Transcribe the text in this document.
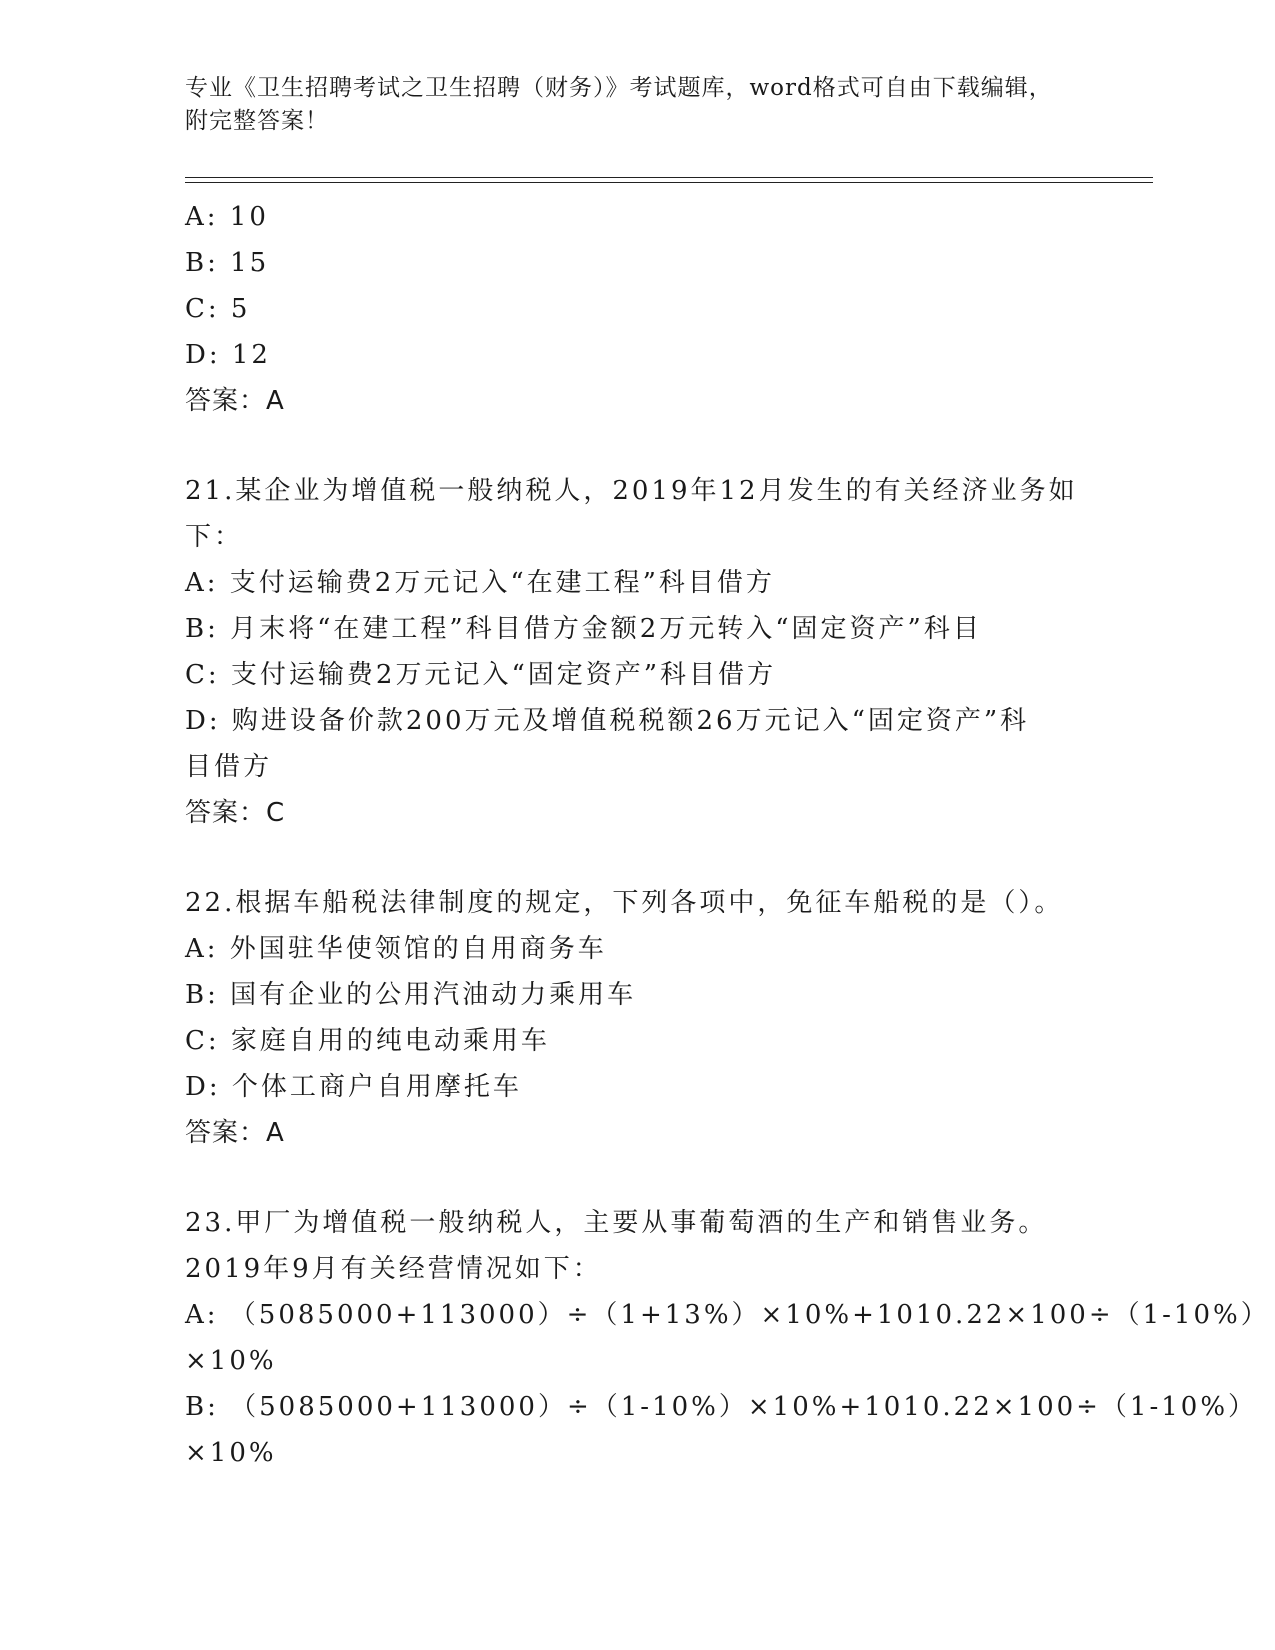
专业《卫生招聘考试之卫生招聘（财务）》考试题库，word格式可自由下载编辑，附完整答案！
A: 10
B: 15
C: 5
D: 12
答案：A
21.某企业为增值税一般纳税人，2019年12月发生的有关经济业务如
下：
A: 支付运输费2万元记入“在建工程”科目借方
B: 月末将“在建工程”科目借方金额2万元转入“固定资产”科目
C: 支付运输费2万元记入“固定资产”科目借方
D: 购进设备价款200万元及增值税税额26万元记入“固定资产”科
目借方
答案：C
22.根据车船税法律制度的规定，下列各项中，免征车船税的是（）。
A: 外国驻华使领馆的自用商务车
B: 国有企业的公用汽油动力乘用车
C: 家庭自用的纯电动乘用车
D: 个体工商户自用摩托车
答案：A
23.甲厂为增值税一般纳税人，主要从事葡萄酒的生产和销售业务。
2019年9月有关经营情况如下：
A: （5085000+113000）÷（1+13%）×10%+1010.22×100÷（1-10%）
×10%
B: （5085000+113000）÷（1-10%）×10%+1010.22×100÷（1-10%）
×10%
